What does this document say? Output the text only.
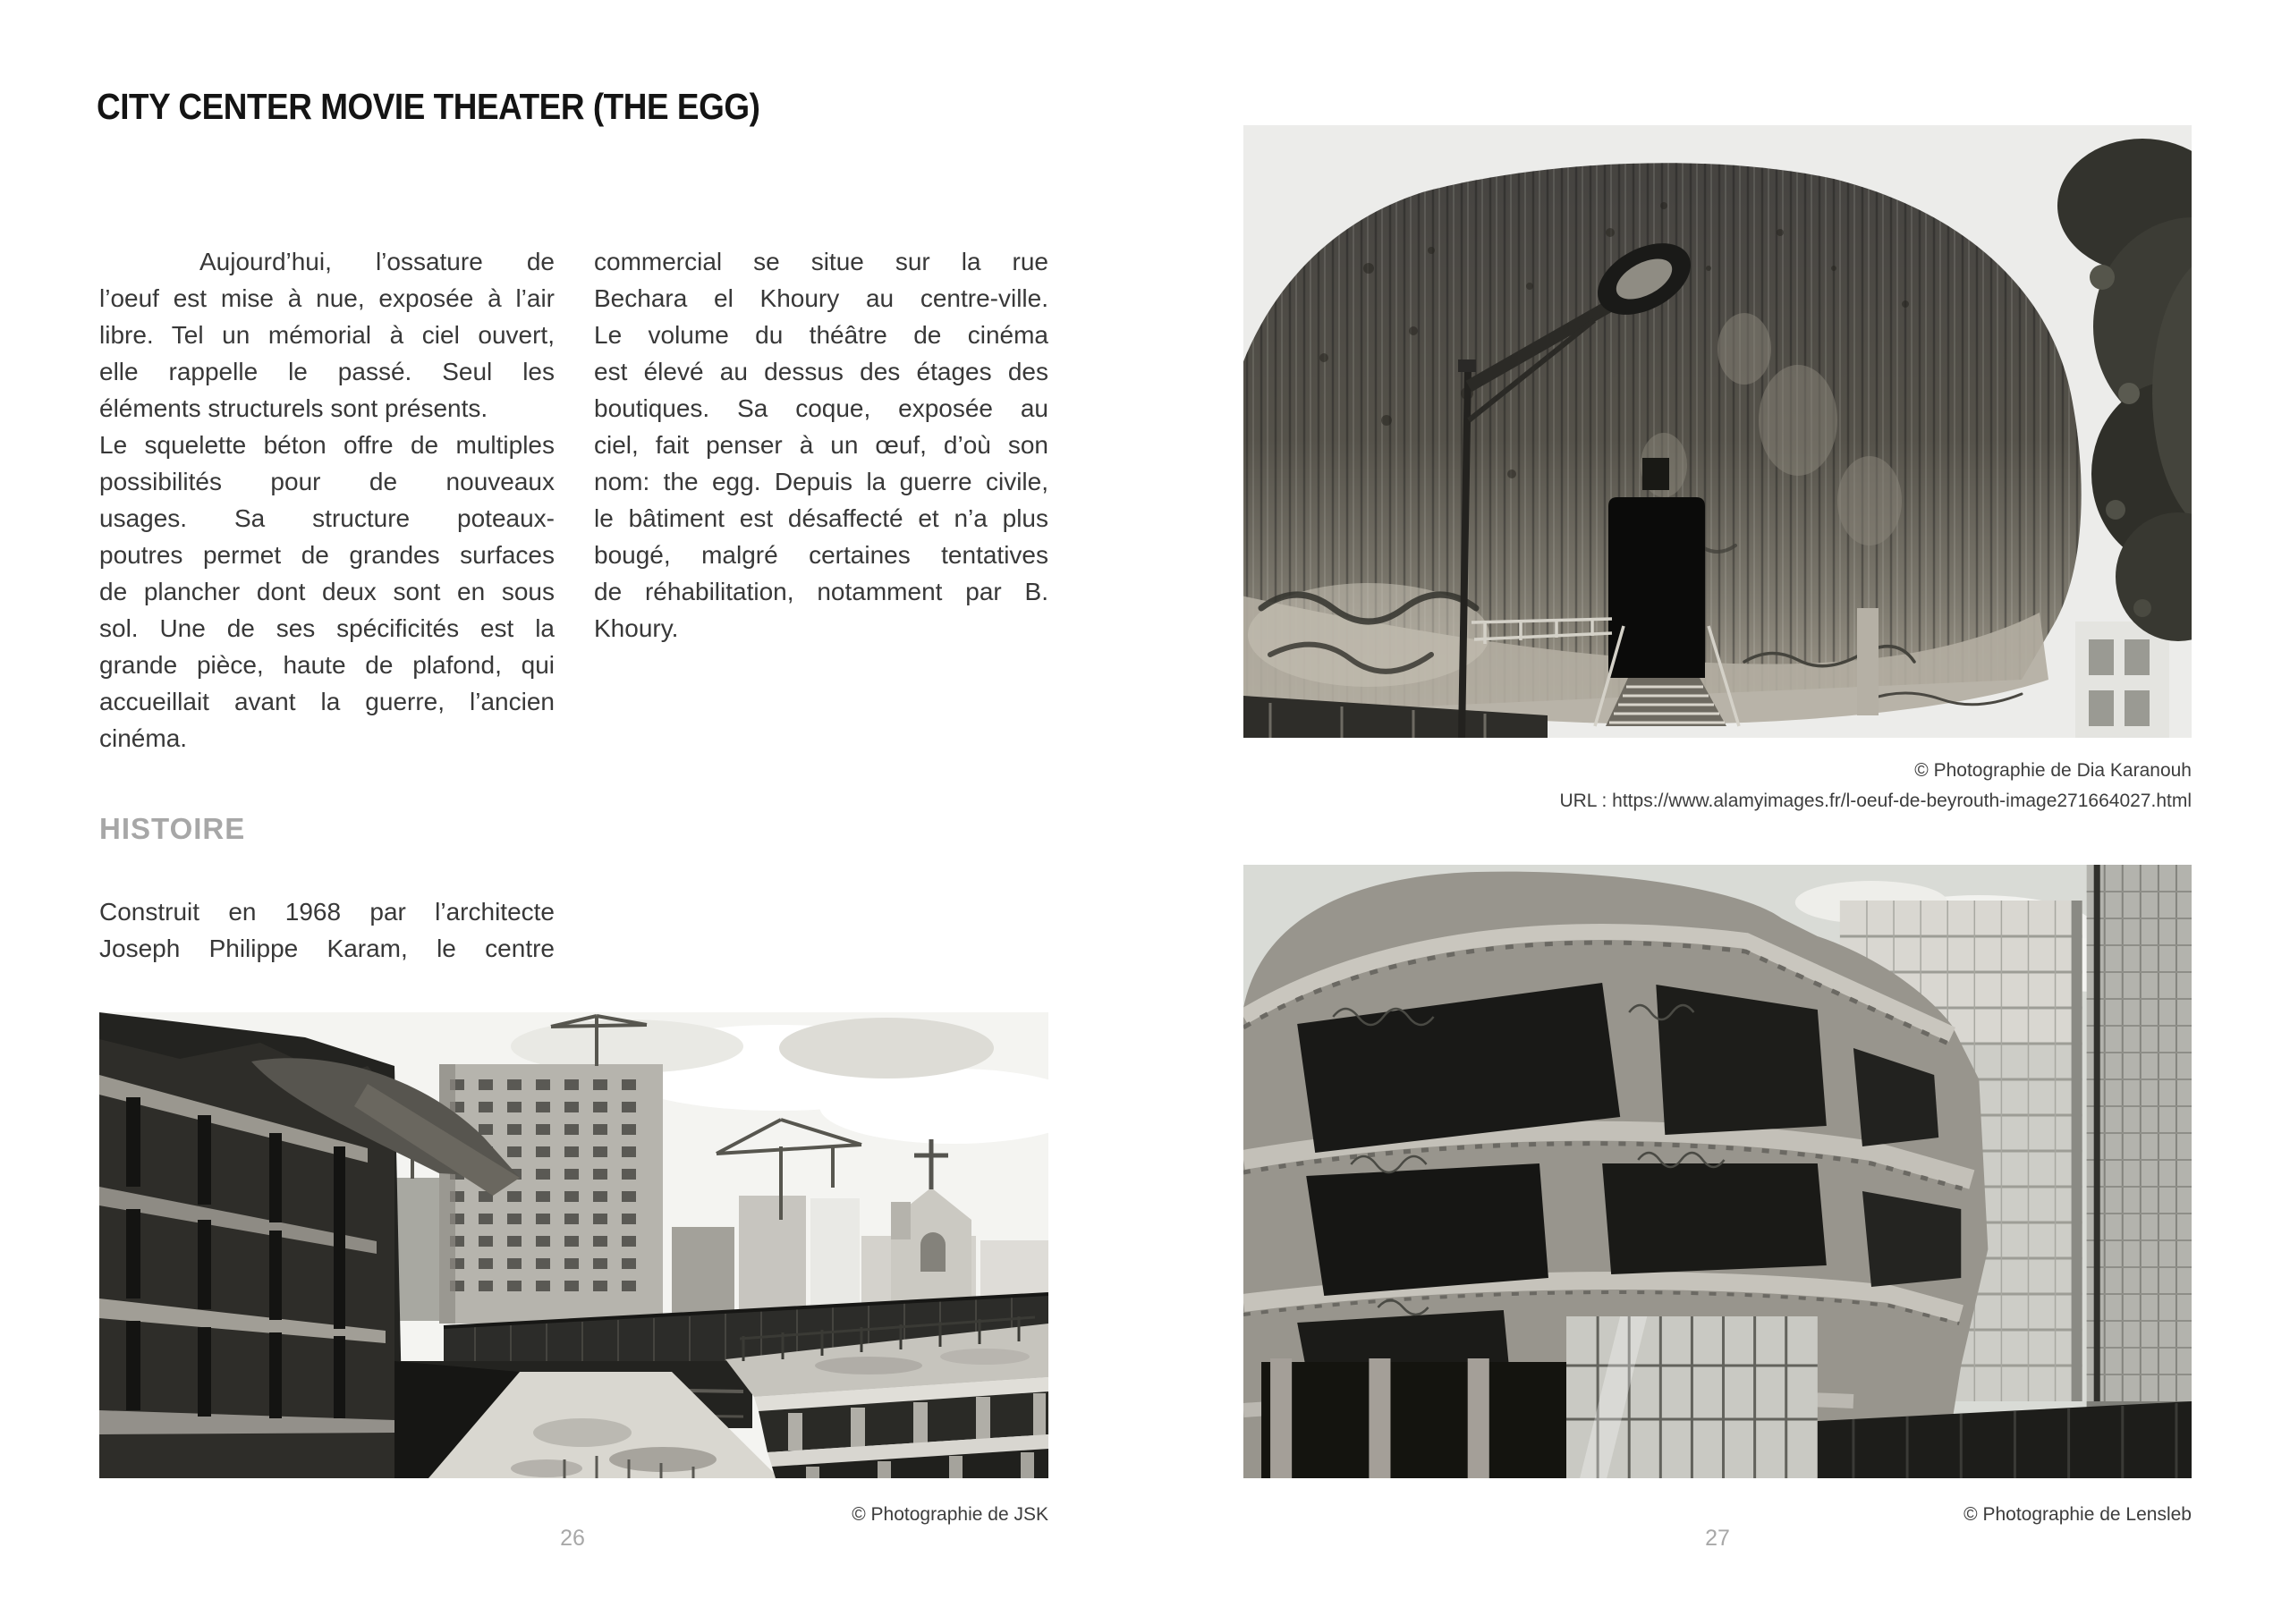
CITY CENTER MOVIE THEATER (THE EGG)
Aujourd’hui, l’ossature de
l’oeuf est mise à nue, exposée à l’air
libre. Tel un mémorial à ciel ouvert,
elle rappelle le passé. Seul les
éléments structurels sont présents.
Le squelette béton offre de multiples
possibilités pour de nouveaux
usages. Sa structure poteaux-
poutres permet de grandes surfaces
de plancher dont deux sont en sous
sol. Une de ses spécificités est la
grande pièce, haute de plafond, qui
accueillait avant la guerre, l’ancien
cinéma.
commercial se situe sur la rue
Bechara el Khoury au centre-ville.
Le volume du théâtre de cinéma
est élevé au dessus des étages des
boutiques. Sa coque, exposée au
ciel, fait penser à un œuf, d’où son
nom: the egg. Depuis la guerre civile,
le bâtiment est désaffecté et n’a plus
bougé, malgré certaines tentatives
de réhabilitation, notamment par B.
Khoury.
HISTOIRE
Construit en 1968 par l’architecte
Joseph Philippe Karam, le centre
© Photographie de JSK
26
© Photographie de Dia Karanouh
URL : https://www.alamyimages.fr/l-oeuf-de-beyrouth-image271664027.html
© Photographie de Lensleb
27
